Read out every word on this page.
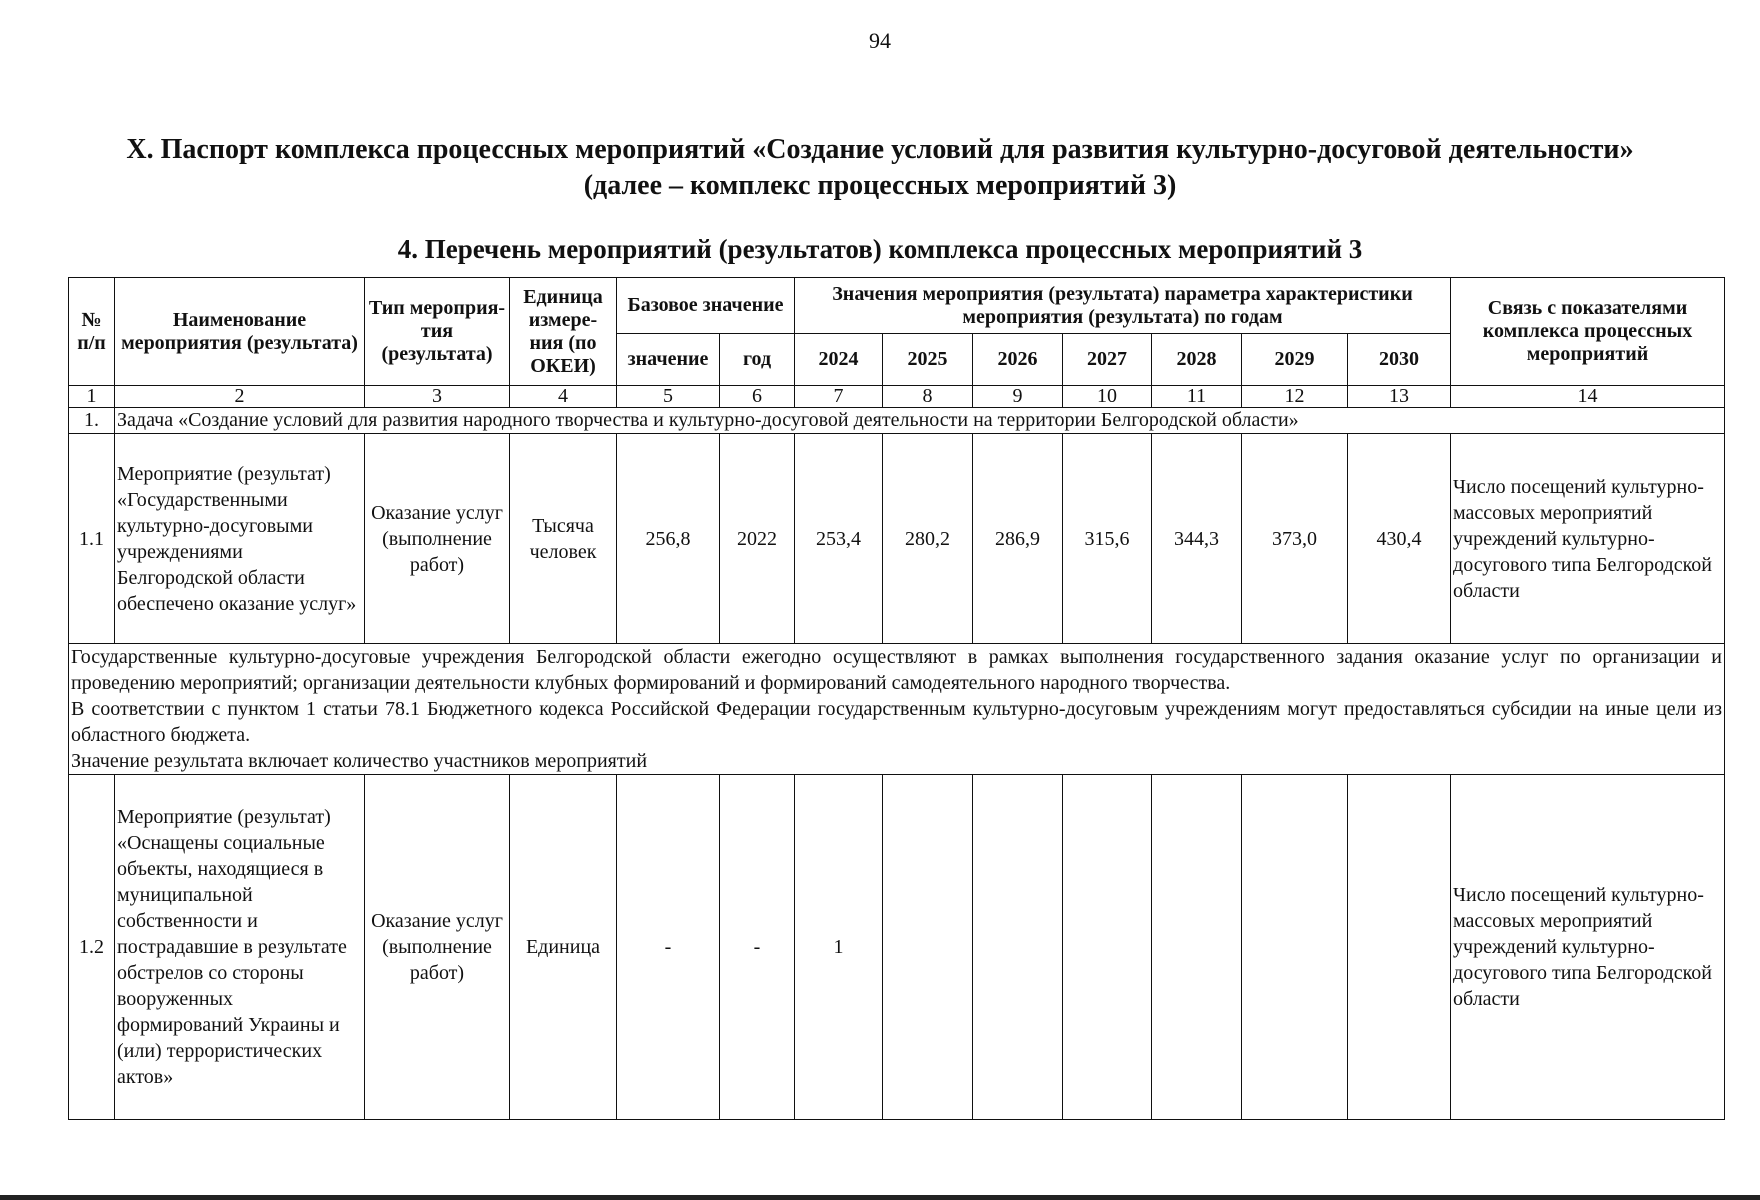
94
X. Паспорт комплекса процессных мероприятий «Создание условий для развития культурно-досуговой деятельности»
(далее – комплекс процессных мероприятий 3)
4. Перечень мероприятий (результатов) комплекса процессных мероприятий 3
№ п/п	Наименование мероприятия (результата)	Тип мероприя-тия (результата)	Единица измере-ния (по ОКЕИ)	Базовое значение		Значения мероприятия (результата) параметра характеристики мероприятия (результата) по годам							Связь с показателями комплекса процессных мероприятий
				значение	год	2024	2025	2026	2027	2028	2029	2030	
1	2	3	4	5	6	7	8	9	10	11	12	13	14
1.	Задача «Создание условий для развития народного творчества и культурно-досуговой деятельности на территории Белгородской области»												
1.1	Мероприятие (результат) «Государственными культурно-досуговыми учреждениями Белгородской области обеспечено оказание услуг»	Оказание услуг (выполнение работ)	Тысяча человек	256,8	2022	253,4	280,2	286,9	315,6	344,3	373,0	430,4	Число посещений культурно-массовых мероприятий учреждений культурно-досугового типа Белгородской области

Государственные культурно-досуговые учреждения Белгородской области ежегодно осуществляют в рамках выполнения государственного задания оказание услуг по организации и проведению мероприятий; организации деятельности клубных формирований и формирований самодеятельного народного творчества.
В соответствии с пунктом 1 статьи 78.1 Бюджетного кодекса Российской Федерации государственным культурно-досуговым учреждениям могут предоставляться субсидии на иные цели из областного бюджета.
Значение результата включает количество участников мероприятий													

1.2	Мероприятие (результат) «Оснащены социальные объекты, находящиеся в муниципальной собственности и пострадавшие в результате обстрелов со стороны вооруженных формирований Украины и (или) террористических актов»	Оказание услуг (выполнение работ)	Единица	-	-	1							Число посещений культурно-массовых мероприятий учреждений культурно-досугового типа Белгородской области
